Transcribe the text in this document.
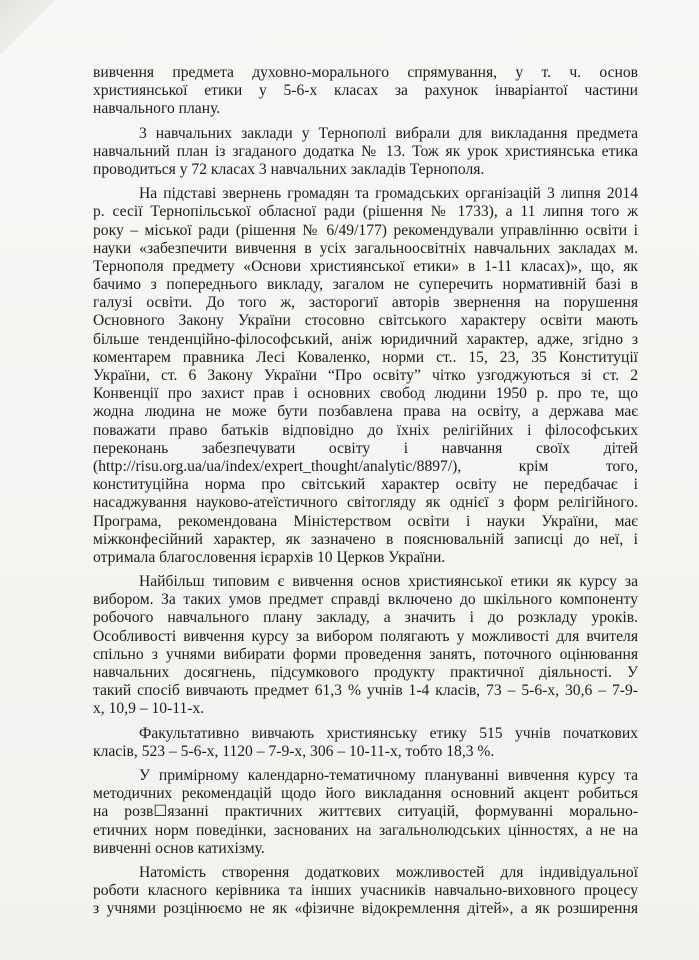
вивчення предмета духовно-морального спрямування, у т. ч. основ
християнської етики у 5-6-х класах за рахунок інваріантої частини
навчального плану.
3 навчальних заклади у Тернополі вибрали для викладання предмета
навчальний план із згаданого додатка № 13. Тож як урок християнська етика
проводиться у 72 класах 3 навчальних закладів Тернополя.
На підставі звернень громадян та громадських організацій 3 липня 2014
р. сесії Тернопільської обласної ради (рішення № 1733), а 11 липня того ж
року – міської ради (рішення № 6/49/177) рекомендували управлінню освіти і
науки «забезпечити вивчення в усіх загальноосвітніх навчальних закладах м.
Тернополя предмету «Основи християнської етики» в 1-11 класах)», що, як
бачимо з попереднього викладу, загалом не суперечить нормативній базі в
галузі освіти. До того ж, засторогиї авторів звернення на порушення
Основного Закону України стосовно світського характеру освіти мають
більше тенденційно-філософський, аніж юридичний характер, адже, згідно з
коментарем правника Лесі Коваленко, норми ст.. 15, 23, 35 Конституції
України, ст. 6 Закону України “Про освіту” чітко узгоджуються зі ст. 2
Конвенції про захист прав і основних свобод людини 1950 р. про те, що
жодна людина не може бути позбавлена права на освіту, а держава має
поважати право батьків відповідно до їхніх релігійних і філософських
переконань забезпечувати освіту і навчання своїх дітей
(http://risu.org.ua/ua/index/expert_thought/analytic/8897/), крім того,
конституційна норма про світський характер освіту не передбачає і
насаджування науково-атеїстичного світогляду як однієї з форм релігійного.
Програма, рекомендована Міністерством освіти і науки України, має
міжконфесійний характер, як зазначено в пояснювальній записці до неї, і
отримала благословення ієрархів 10 Церков України.
Найбільш типовим є вивчення основ християнської етики як курсу за
вибором. За таких умов предмет справді включено до шкільного компоненту
робочого навчального плану закладу, а значить і до розкладу уроків.
Особливості вивчення курсу за вибором полягають у можливості для вчителя
спільно з учнями вибирати форми проведення занять, поточного оцінювання
навчальних досягнень, підсумкового продукту практичної діяльності. У
такий спосіб вивчають предмет 61,3 % учнів 1-4 класів, 73 – 5-6-х, 30,6 – 7-9-
х, 10,9 – 10-11-х.
Факультативно вивчають християнську етику 515 учнів початкових
класів, 523 – 5-6-х, 1120 – 7-9-х, 306 – 10-11-х, тобто 18,3 %.
У примірному календарно-тематичному плануванні вивчення курсу та
методичних рекомендацій щодо його викладання основний акцент робиться
на розв☐язанні практичних життєвих ситуацій, формуванні морально-
етичних норм поведінки, заснованих на загальнолюдських цінностях, а не на
вивченні основ катихізму.
Натомість створення додаткових можливостей для індивідуальної
роботи класного керівника та інших учасників навчально-виховного процесу
з учнями розцінюємо не як «фізичне відокремлення дітей», а як розширення
